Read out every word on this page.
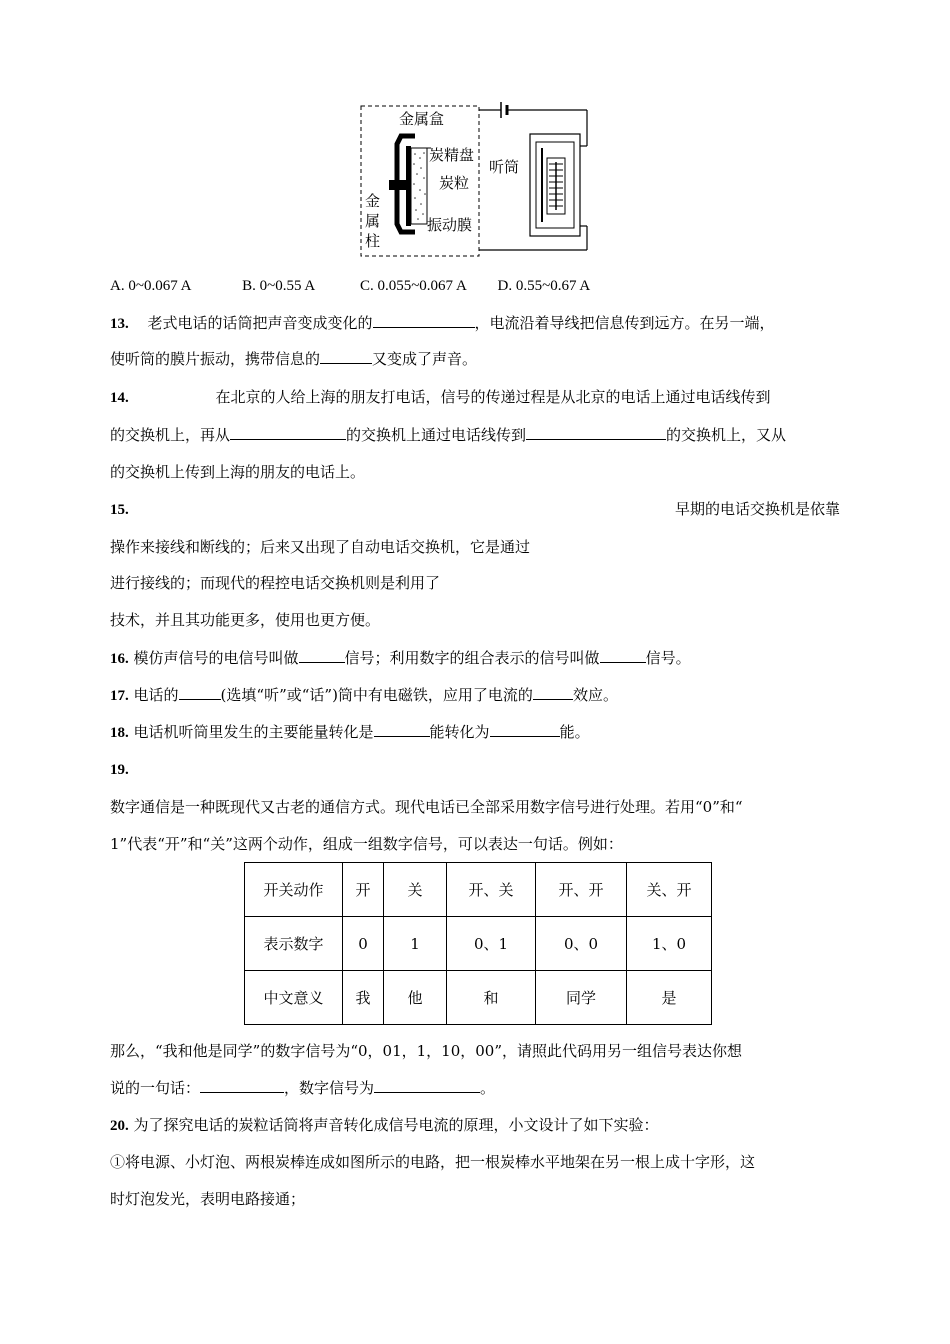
金属盒
炭精盘
炭粒
金
属
柱
振动膜
听筒
A. 0~0.067 A	B. 0~0.55 A	C. 0.055~0.067 A D. 0.55~0.67 A
13. 老式电话的话筒把声音变成变化的	，电流沿着导线把信息传到远方。在另一端，
使听筒的膜片振动，携带信息的	又变成了声音。
14.	在北京的人给上海的朋友打电话，信号的传递过程是从北京的电话上通过电话线传到
的交换机上，再从	的交换机上通过电话线传到	的交换机上，又从
的交换机上传到上海的朋友的电话上。
15.	早期的电话交换机是依靠
操作来接线和断线的；后来又出现了自动电话交换机，它是通过
进行接线的；而现代的程控电话交换机则是利用了
技术，并且其功能更多，使用也更方便。
16. 模仿声信号的电信号叫做	信号；利用数字的组合表示的信号叫做	信号。
17. 电话的	(选填“听”或“话”)筒中有电磁铁，应用了电流的	效应。
18. 电话机听筒里发生的主要能量转化是	能转化为	能。
19.
数字通信是一种既现代又古老的通信方式。现代电话已全部采用数字信号进行处理。若用“0”和“
1”代表“开”和“关”这两个动作，组成一组数字信号，可以表达一句话。例如：
开关动作	开	关	开、关	开、开	关、开
表示数字	0	1	0、1	0、0	1、0
中文意义	我	他	和	同学	是
那么，“我和他是同学”的数字信号为“0，01，1，10，00”，请照此代码用另一组信号表达你想
说的一句话：	，数字信号为	。
20. 为了探究电话的炭粒话筒将声音转化成信号电流的原理，小文设计了如下实验：
①将电源、小灯泡、两根炭棒连成如图所示的电路，把一根炭棒水平地架在另一根上成十字形，这
时灯泡发光，表明电路接通；
